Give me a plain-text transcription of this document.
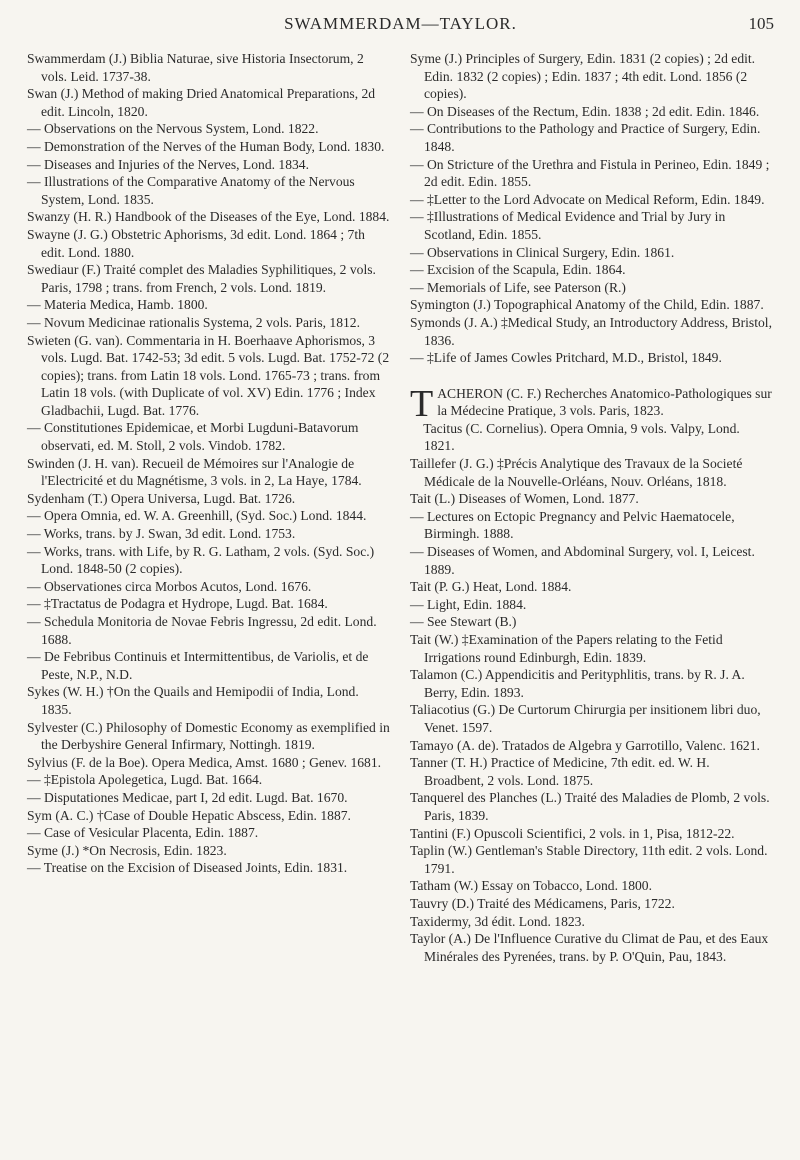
SWAMMERDAM—TAYLOR.	105

Swammerdam (J.) Biblia Naturae, sive Historia Insectorum, 2 vols. Leid. 1737-38.

Swan (J.) Method of making Dried Anatomical Preparations, 2d edit. Lincoln, 1820.

— Observations on the Nervous System, Lond. 1822.

— Demonstration of the Nerves of the Human Body, Lond. 1830.

— Diseases and Injuries of the Nerves, Lond. 1834.

— Illustrations of the Comparative Anatomy of the Nervous System, Lond. 1835.

Swanzy (H. R.) Handbook of the Diseases of the Eye, Lond. 1884.

Swayne (J. G.) Obstetric Aphorisms, 3d edit. Lond. 1864 ; 7th edit. Lond. 1880.

Swediaur (F.) Traité complet des Maladies Syphilitiques, 2 vols. Paris, 1798 ; trans. from French, 2 vols. Lond. 1819.

— Materia Medica, Hamb. 1800.

— Novum Medicinae rationalis Systema, 2 vols. Paris, 1812.

Swieten (G. van). Commentaria in H. Boerhaave Aphorismos, 3 vols. Lugd. Bat. 1742-53; 3d edit. 5 vols. Lugd. Bat. 1752-72 (2 copies); trans. from Latin 18 vols. Lond. 1765-73 ; trans. from Latin 18 vols. (with Duplicate of vol. XV) Edin. 1776 ; Index Gladbachii, Lugd. Bat. 1776.

— Constitutiones Epidemicae, et Morbi Lugduni-Batavorum observati, ed. M. Stoll, 2 vols. Vindob. 1782.

Swinden (J. H. van). Recueil de Mémoires sur l'Analogie de l'Electricité et du Magnétisme, 3 vols. in 2, La Haye, 1784.

Sydenham (T.) Opera Universa, Lugd. Bat. 1726.

— Opera Omnia, ed. W. A. Greenhill, (Syd. Soc.) Lond. 1844.

— Works, trans. by J. Swan, 3d edit. Lond. 1753.

— Works, trans. with Life, by R. G. Latham, 2 vols. (Syd. Soc.) Lond. 1848-50 (2 copies).

— Observationes circa Morbos Acutos, Lond. 1676.

— ‡Tractatus de Podagra et Hydrope, Lugd. Bat. 1684.

— Schedula Monitoria de Novae Febris Ingressu, 2d edit. Lond. 1688.

— De Febribus Continuis et Intermittentibus, de Variolis, et de Peste, N.P., N.D.

Sykes (W. H.) †On the Quails and Hemipodii of India, Lond. 1835.

Sylvester (C.) Philosophy of Domestic Economy as exemplified in the Derbyshire General Infirmary, Nottingh. 1819.

Sylvius (F. de la Boe). Opera Medica, Amst. 1680 ; Genev. 1681.

— ‡Epistola Apolegetica, Lugd. Bat. 1664.

— Disputationes Medicae, part I, 2d edit. Lugd. Bat. 1670.

Sym (A. C.) †Case of Double Hepatic Abscess, Edin. 1887.

— Case of Vesicular Placenta, Edin. 1887.

Syme (J.) *On Necrosis, Edin. 1823.

— Treatise on the Excision of Diseased Joints, Edin. 1831.

Syme (J.) Principles of Surgery, Edin. 1831 (2 copies) ; 2d edit. Edin. 1832 (2 copies) ; Edin. 1837 ; 4th edit. Lond. 1856 (2 copies).

— On Diseases of the Rectum, Edin. 1838 ; 2d edit. Edin. 1846.

— Contributions to the Pathology and Practice of Surgery, Edin. 1848.

— On Stricture of the Urethra and Fistula in Perineo, Edin. 1849 ; 2d edit. Edin. 1855.

— ‡Letter to the Lord Advocate on Medical Reform, Edin. 1849.

— ‡Illustrations of Medical Evidence and Trial by Jury in Scotland, Edin. 1855.

— Observations in Clinical Surgery, Edin. 1861.

— Excision of the Scapula, Edin. 1864.

— Memorials of Life, see Paterson (R.)

Symington (J.) Topographical Anatomy of the Child, Edin. 1887.

Symonds (J. A.) ‡Medical Study, an Introductory Address, Bristol, 1836.

— ‡Life of James Cowles Pritchard, M.D., Bristol, 1849.

TACHERON (C. F.) Recherches Anatomico-Pathologiques sur la Médecine Pratique, 3 vols. Paris, 1823.

Tacitus (C. Cornelius). Opera Omnia, 9 vols. Valpy, Lond. 1821.

Taillefer (J. G.) ‡Précis Analytique des Travaux de la Societé Médicale de la Nouvelle-Orléans, Nouv. Orléans, 1818.

Tait (L.) Diseases of Women, Lond. 1877.

— Lectures on Ectopic Pregnancy and Pelvic Haematocele, Birmingh. 1888.

— Diseases of Women, and Abdominal Surgery, vol. I, Leicest. 1889.

Tait (P. G.) Heat, Lond. 1884.

— Light, Edin. 1884.

— See Stewart (B.)

Tait (W.) ‡Examination of the Papers relating to the Fetid Irrigations round Edinburgh, Edin. 1839.

Talamon (C.) Appendicitis and Perityphlitis, trans. by R. J. A. Berry, Edin. 1893.

Taliacotius (G.) De Curtorum Chirurgia per insitionem libri duo, Venet. 1597.

Tamayo (A. de). Tratados de Algebra y Garrotillo, Valenc. 1621.

Tanner (T. H.) Practice of Medicine, 7th edit. ed. W. H. Broadbent, 2 vols. Lond. 1875.

Tanquerel des Planches (L.) Traité des Maladies de Plomb, 2 vols. Paris, 1839.

Tantini (F.) Opuscoli Scientifici, 2 vols. in 1, Pisa, 1812-22.

Taplin (W.) Gentleman's Stable Directory, 11th edit. 2 vols. Lond. 1791.

Tatham (W.) Essay on Tobacco, Lond. 1800.

Tauvry (D.) Traité des Médicamens, Paris, 1722.

Taxidermy, 3d édit. Lond. 1823.

Taylor (A.) De l'Influence Curative du Climat de Pau, et des Eaux Minérales des Pyrenées, trans. by P. O'Quin, Pau, 1843.
